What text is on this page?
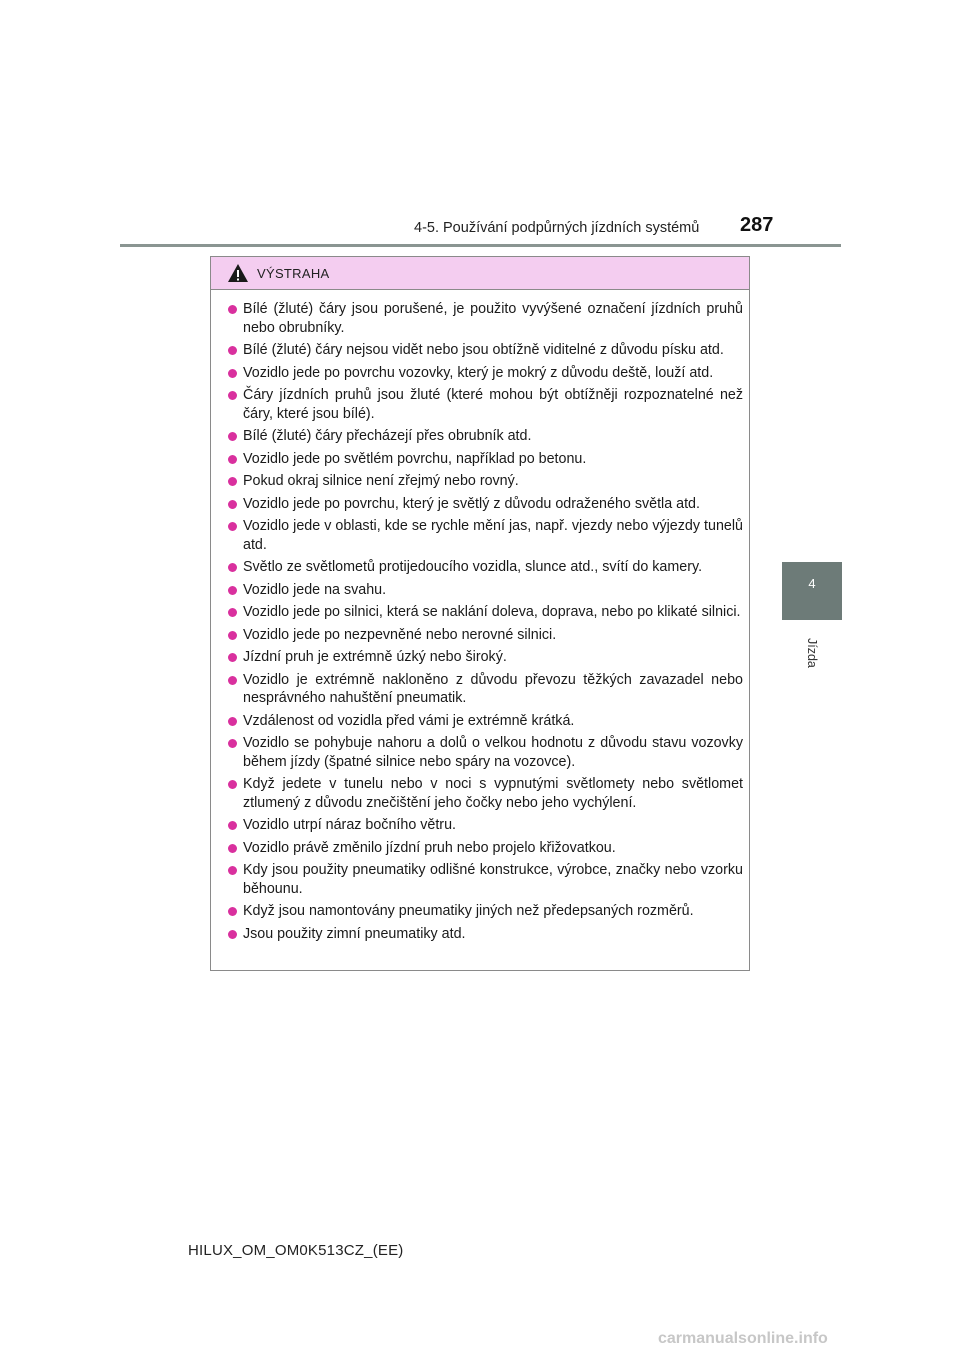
4-5. Používání podpůrných jízdních systémů 287
4
Jízda
VÝSTRAHA
Bílé (žluté) čáry jsou porušené, je použito vyvýšené označení jízdních pruhů nebo obrubníky.
Bílé (žluté) čáry nejsou vidět nebo jsou obtížně viditelné z důvodu písku atd.
Vozidlo jede po povrchu vozovky, který je mokrý z důvodu deště, louží atd.
Čáry jízdních pruhů jsou žluté (které mohou být obtížněji rozpoznatelné než čáry, které jsou bílé).
Bílé (žluté) čáry přecházejí přes obrubník atd.
Vozidlo jede po světlém povrchu, například po betonu.
Pokud okraj silnice není zřejmý nebo rovný.
Vozidlo jede po povrchu, který je světlý z důvodu odraženého světla atd.
Vozidlo jede v oblasti, kde se rychle mění jas, např. vjezdy nebo výjezdy tunelů atd.
Světlo ze světlometů protijedoucího vozidla, slunce atd., svítí do kamery.
Vozidlo jede na svahu.
Vozidlo jede po silnici, která se naklání doleva, doprava, nebo po klikaté silnici.
Vozidlo jede po nezpevněné nebo nerovné silnici.
Jízdní pruh je extrémně úzký nebo široký.
Vozidlo je extrémně nakloněno z důvodu převozu těžkých zavazadel nebo nesprávného nahuštění pneumatik.
Vzdálenost od vozidla před vámi je extrémně krátká.
Vozidlo se pohybuje nahoru a dolů o velkou hodnotu z důvodu stavu vozovky během jízdy (špatné silnice nebo spáry na vozovce).
Když jedete v tunelu nebo v noci s vypnutými světlomety nebo světlomet ztlumený z důvodu znečištění jeho čočky nebo jeho vychýlení.
Vozidlo utrpí náraz bočního větru.
Vozidlo právě změnilo jízdní pruh nebo projelo křižovatkou.
Kdy jsou použity pneumatiky odlišné konstrukce, výrobce, značky nebo vzorku běhounu.
Když jsou namontovány pneumatiky jiných než předepsaných rozměrů.
Jsou použity zimní pneumatiky atd.
HILUX_OM_OM0K513CZ_(EE)
carmanualsonline.info
